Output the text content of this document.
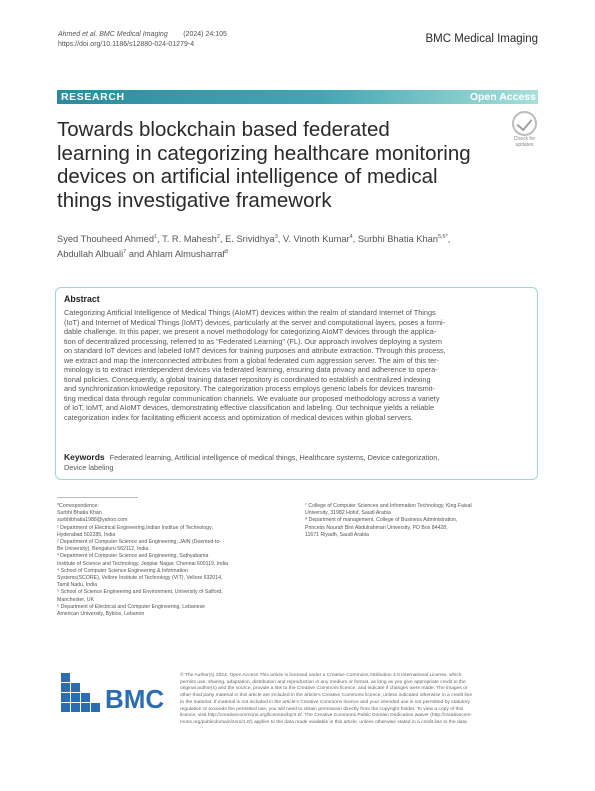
Ahmed et al. BMC Medical Imaging (2024) 24:105
https://doi.org/10.1186/s12880-024-01279-4	BMC Medical Imaging
RESEARCH	Open Access
Towards blockchain based federated
learning in categorizing healthcare monitoring
devices on artificial intelligence of medical
things investigative framework
Check for
updates
Syed Thouheed Ahmed$^1$, T. R. Mahesh$^2$, E. Srividhya$^3$, V. Vinoth Kumar$^4$, Surbhi Bhatia Khan$^{5,6*}$,
Abdullah Albuali$^7$ and Ahlam Almusharraf$^8$
Abstract

Categorizing Artificial Intelligence of Medical Things (AIoMT) devices within the realm of standard Internet of Things
(IoT) and Internet of Medical Things (IoMT) devices, particularly at the server and computational layers, poses a formi-
dable challenge. In this paper, we present a novel methodology for categorizing AIoMT devices through the applica-
tion of decentralized processing, referred to as "Federated Learning" (FL). Our approach involves deploying a system
on standard IoT devices and labeled IoMT devices for training purposes and attribute extraction. Through this process,
we extract and map the interconnected attributes from a global federated cum aggression server. The aim of this ter-
minology is to extract interdependent devices via federated learning, ensuring data privacy and adherence to opera-
tional policies. Consequently, a global training dataset repository is coordinated to establish a centralized indexing
and synchronization knowledge repository. The categorization process employs generic labels for devices transmit-
ting medical data through regular communication channels. We evaluate our proposed methodology across a variety
of IoT, IoMT, and AIoMT devices, demonstrating effective classification and labeling. Our technique yields a reliable
categorization index for facilitating efficient access and optimization of medical devices within global servers.

Keywords Federated learning, Artificial intelligence of medical things, Healthcare systems, Device categorization,
Device labeling

*Correspondence:

Surbhi Bhatia Khan

surbhibhatia1988@yahoo.com

¹ Department of Electrical Engineering,Indian Institue of Technology,

Hyderabad 502285, India

² Department of Computer Science and Engineering, JAIN (Deemed-to-

Be University), Bengaluru 562112, India

³ Department of Computer Science and Engineering, Sathyabama

Institute of Science and Technology, Jeppiar Nagar, Chennai 600119, India

⁴ School of Computer Science Engineering & Information

Systems(SCORE), Vellore Institute of Technology (VIT), Vellore 632014,

Tamil Nadu, India

⁵ School of Science Engineering and Environment, University of Salford,

Manchester, UK

⁶ Department of Electrical and Computer Engineering, Lebanese

American University, Byblos, Lebanon

⁷ College of Computer Sciences and Information Technology, King Faisal

University, 31982 Hofuf, Saudi Arabia

⁸ Department of management, College of Business Administration,

Princess Nourah Bint Abdulrahman University, PO Box 84428,

11671 Riyadh, Saudi Arabia

BMC

© The Author(s) 2024. Open Access This article is licensed under a Creative Commons Attribution 4.0 International License, which
permits use, sharing, adaptation, distribution and reproduction in any medium or format, as long as you give appropriate credit to the
original author(s) and the source, provide a link to the Creative Commons licence, and indicate if changes were made. The images or
other third party material in this article are included in the article's Creative Commons licence, unless indicated otherwise in a credit line
to the material. If material is not included in the article's Creative Commons licence and your intended use is not permitted by statutory
regulation or exceeds the permitted use, you will need to obtain permission directly from the copyright holder. To view a copy of this
licence, visit http://creativecommons.org/licenses/by/4.0/. The Creative Commons Public Domain Dedication waiver (http://creativecom-
mons.org/publicdomain/zero/1.0/) applies to the data made available in this article, unless otherwise stated in a credit line to the data.
